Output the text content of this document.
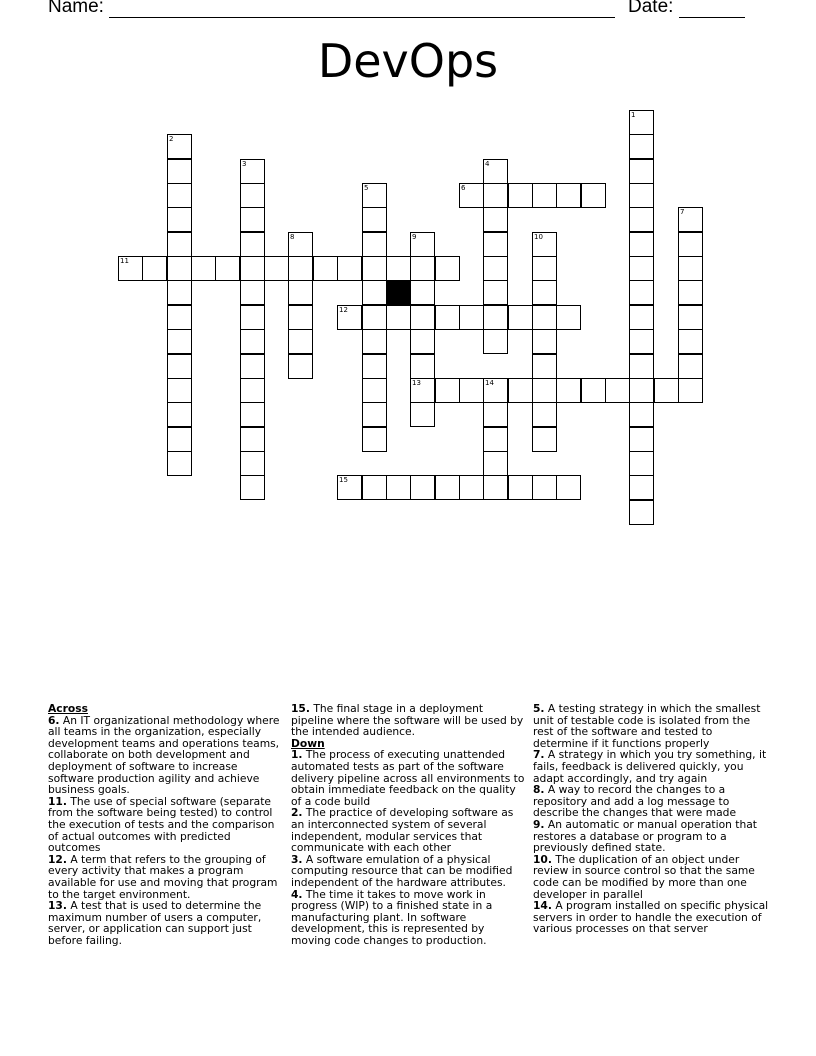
Name:	Date:
DevOps
1
2
3	4
5	6
7
8	9
13
10
11
12
14
15
Across

6. An IT organizational methodology where all teams in the organization, especially development teams and operations teams, collaborate on both development and deployment of software to increase software production agility and achieve business goals.

11. The use of special software (separate from the software being tested) to control the execution of tests and the comparison of actual outcomes with predicted outcomes

12. A term that refers to the grouping of every activity that makes a program available for use and moving that program to the target environment.

13. A test that is used to determine the maximum number of users a computer, server, or application can support just before failing.

15. The final stage in a deployment pipeline where the software will be used by the intended audience.

Down

1. The process of executing unattended automated tests as part of the software delivery pipeline across all environments to obtain immediate feedback on the quality of a code build

2. The practice of developing software as an interconnected system of several independent, modular services that communicate with each other

3. A software emulation of a physical computing resource that can be modified independent of the hardware attributes.

4. The time it takes to move work in progress (WIP) to a finished state in a manufacturing plant. In software development, this is represented by moving code changes to production.

5. A testing strategy in which the smallest unit of testable code is isolated from the rest of the software and tested to determine if it functions properly

7. A strategy in which you try something, it fails, feedback is delivered quickly, you adapt accordingly, and try again

8. A way to record the changes to a repository and add a log message to describe the changes that were made

9. An automatic or manual operation that restores a database or program to a previously defined state.

10. The duplication of an object under review in source control so that the same code can be modified by more than one developer in parallel

14. A program installed on specific physical servers in order to handle the execution of various processes on that server
